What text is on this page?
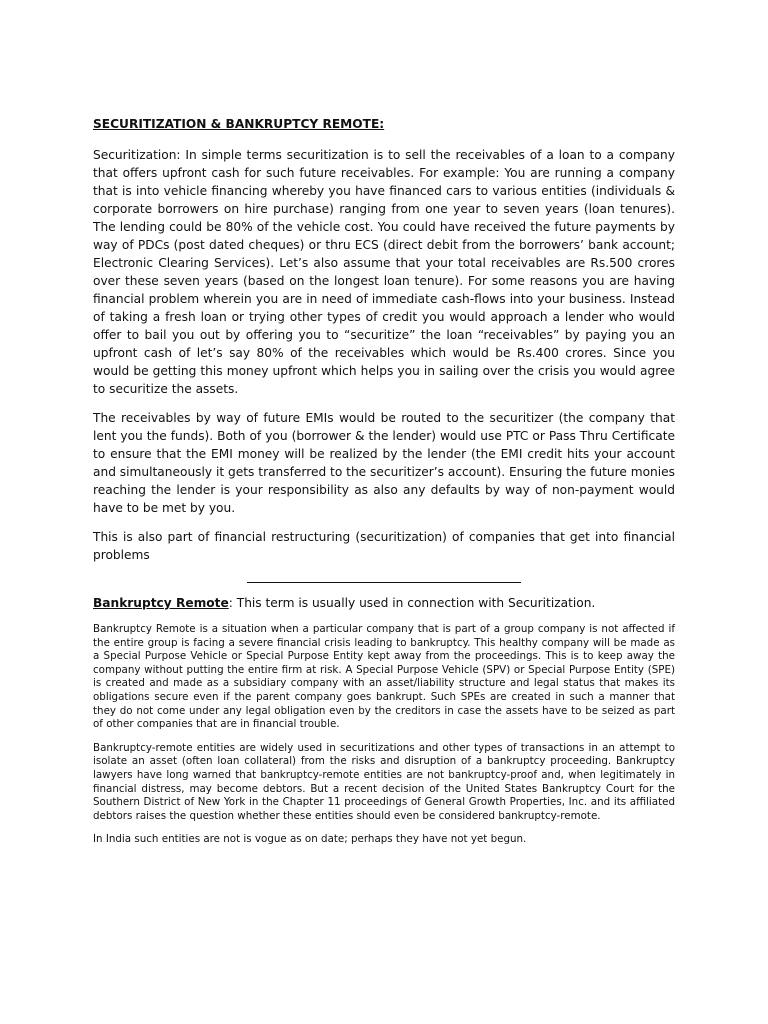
SECURITIZATION & BANKRUPTCY REMOTE:

Securitization: In simple terms securitization is to sell the receivables of a loan to a company that offers upfront cash for such future receivables. For example: You are running a company that is into vehicle financing whereby you have financed cars to various entities (individuals & corporate borrowers on hire purchase) ranging from one year to seven years (loan tenures). The lending could be 80% of the vehicle cost. You could have received the future payments by way of PDCs (post dated cheques) or thru ECS (direct debit from the borrowers’ bank account; Electronic Clearing Services). Let’s also assume that your total receivables are Rs.500 crores over these seven years (based on the longest loan tenure). For some reasons you are having financial problem wherein you are in need of immediate cash-flows into your business. Instead of taking a fresh loan or trying other types of credit you would approach a lender who would offer to bail you out by offering you to “securitize” the loan “receivables” by paying you an upfront cash of let’s say 80% of the receivables which would be Rs.400 crores. Since you would be getting this money upfront which helps you in sailing over the crisis you would agree to securitize the assets.

The receivables by way of future EMIs would be routed to the securitizer (the company that lent you the funds). Both of you (borrower & the lender) would use PTC or Pass Thru Certificate to ensure that the EMI money will be realized by the lender (the EMI credit hits your account and simultaneously it gets transferred to the securitizer’s account). Ensuring the future monies reaching the lender is your responsibility as also any defaults by way of non-payment would have to be met by you.

This is also part of financial restructuring (securitization) of companies that get into financial problems

Bankruptcy Remote: This term is usually used in connection with Securitization.

Bankruptcy Remote is a situation when a particular company that is part of a group company is not affected if the entire group is facing a severe financial crisis leading to bankruptcy. This healthy company will be made as a Special Purpose Vehicle or Special Purpose Entity kept away from the proceedings. This is to keep away the company without putting the entire firm at risk. A Special Purpose Vehicle (SPV) or Special Purpose Entity (SPE) is created and made as a subsidiary company with an asset/liability structure and legal status that makes its obligations secure even if the parent company goes bankrupt. Such SPEs are created in such a manner that they do not come under any legal obligation even by the creditors in case the assets have to be seized as part of other companies that are in financial trouble.

Bankruptcy-remote entities are widely used in securitizations and other types of transactions in an attempt to isolate an asset (often loan collateral) from the risks and disruption of a bankruptcy proceeding. Bankruptcy lawyers have long warned that bankruptcy-remote entities are not bankruptcy-proof and, when legitimately in financial distress, may become debtors. But a recent decision of the United States Bankruptcy Court for the Southern District of New York in the Chapter 11 proceedings of General Growth Properties, Inc. and its affiliated debtors raises the question whether these entities should even be considered bankruptcy-remote.

In India such entities are not is vogue as on date; perhaps they have not yet begun.
